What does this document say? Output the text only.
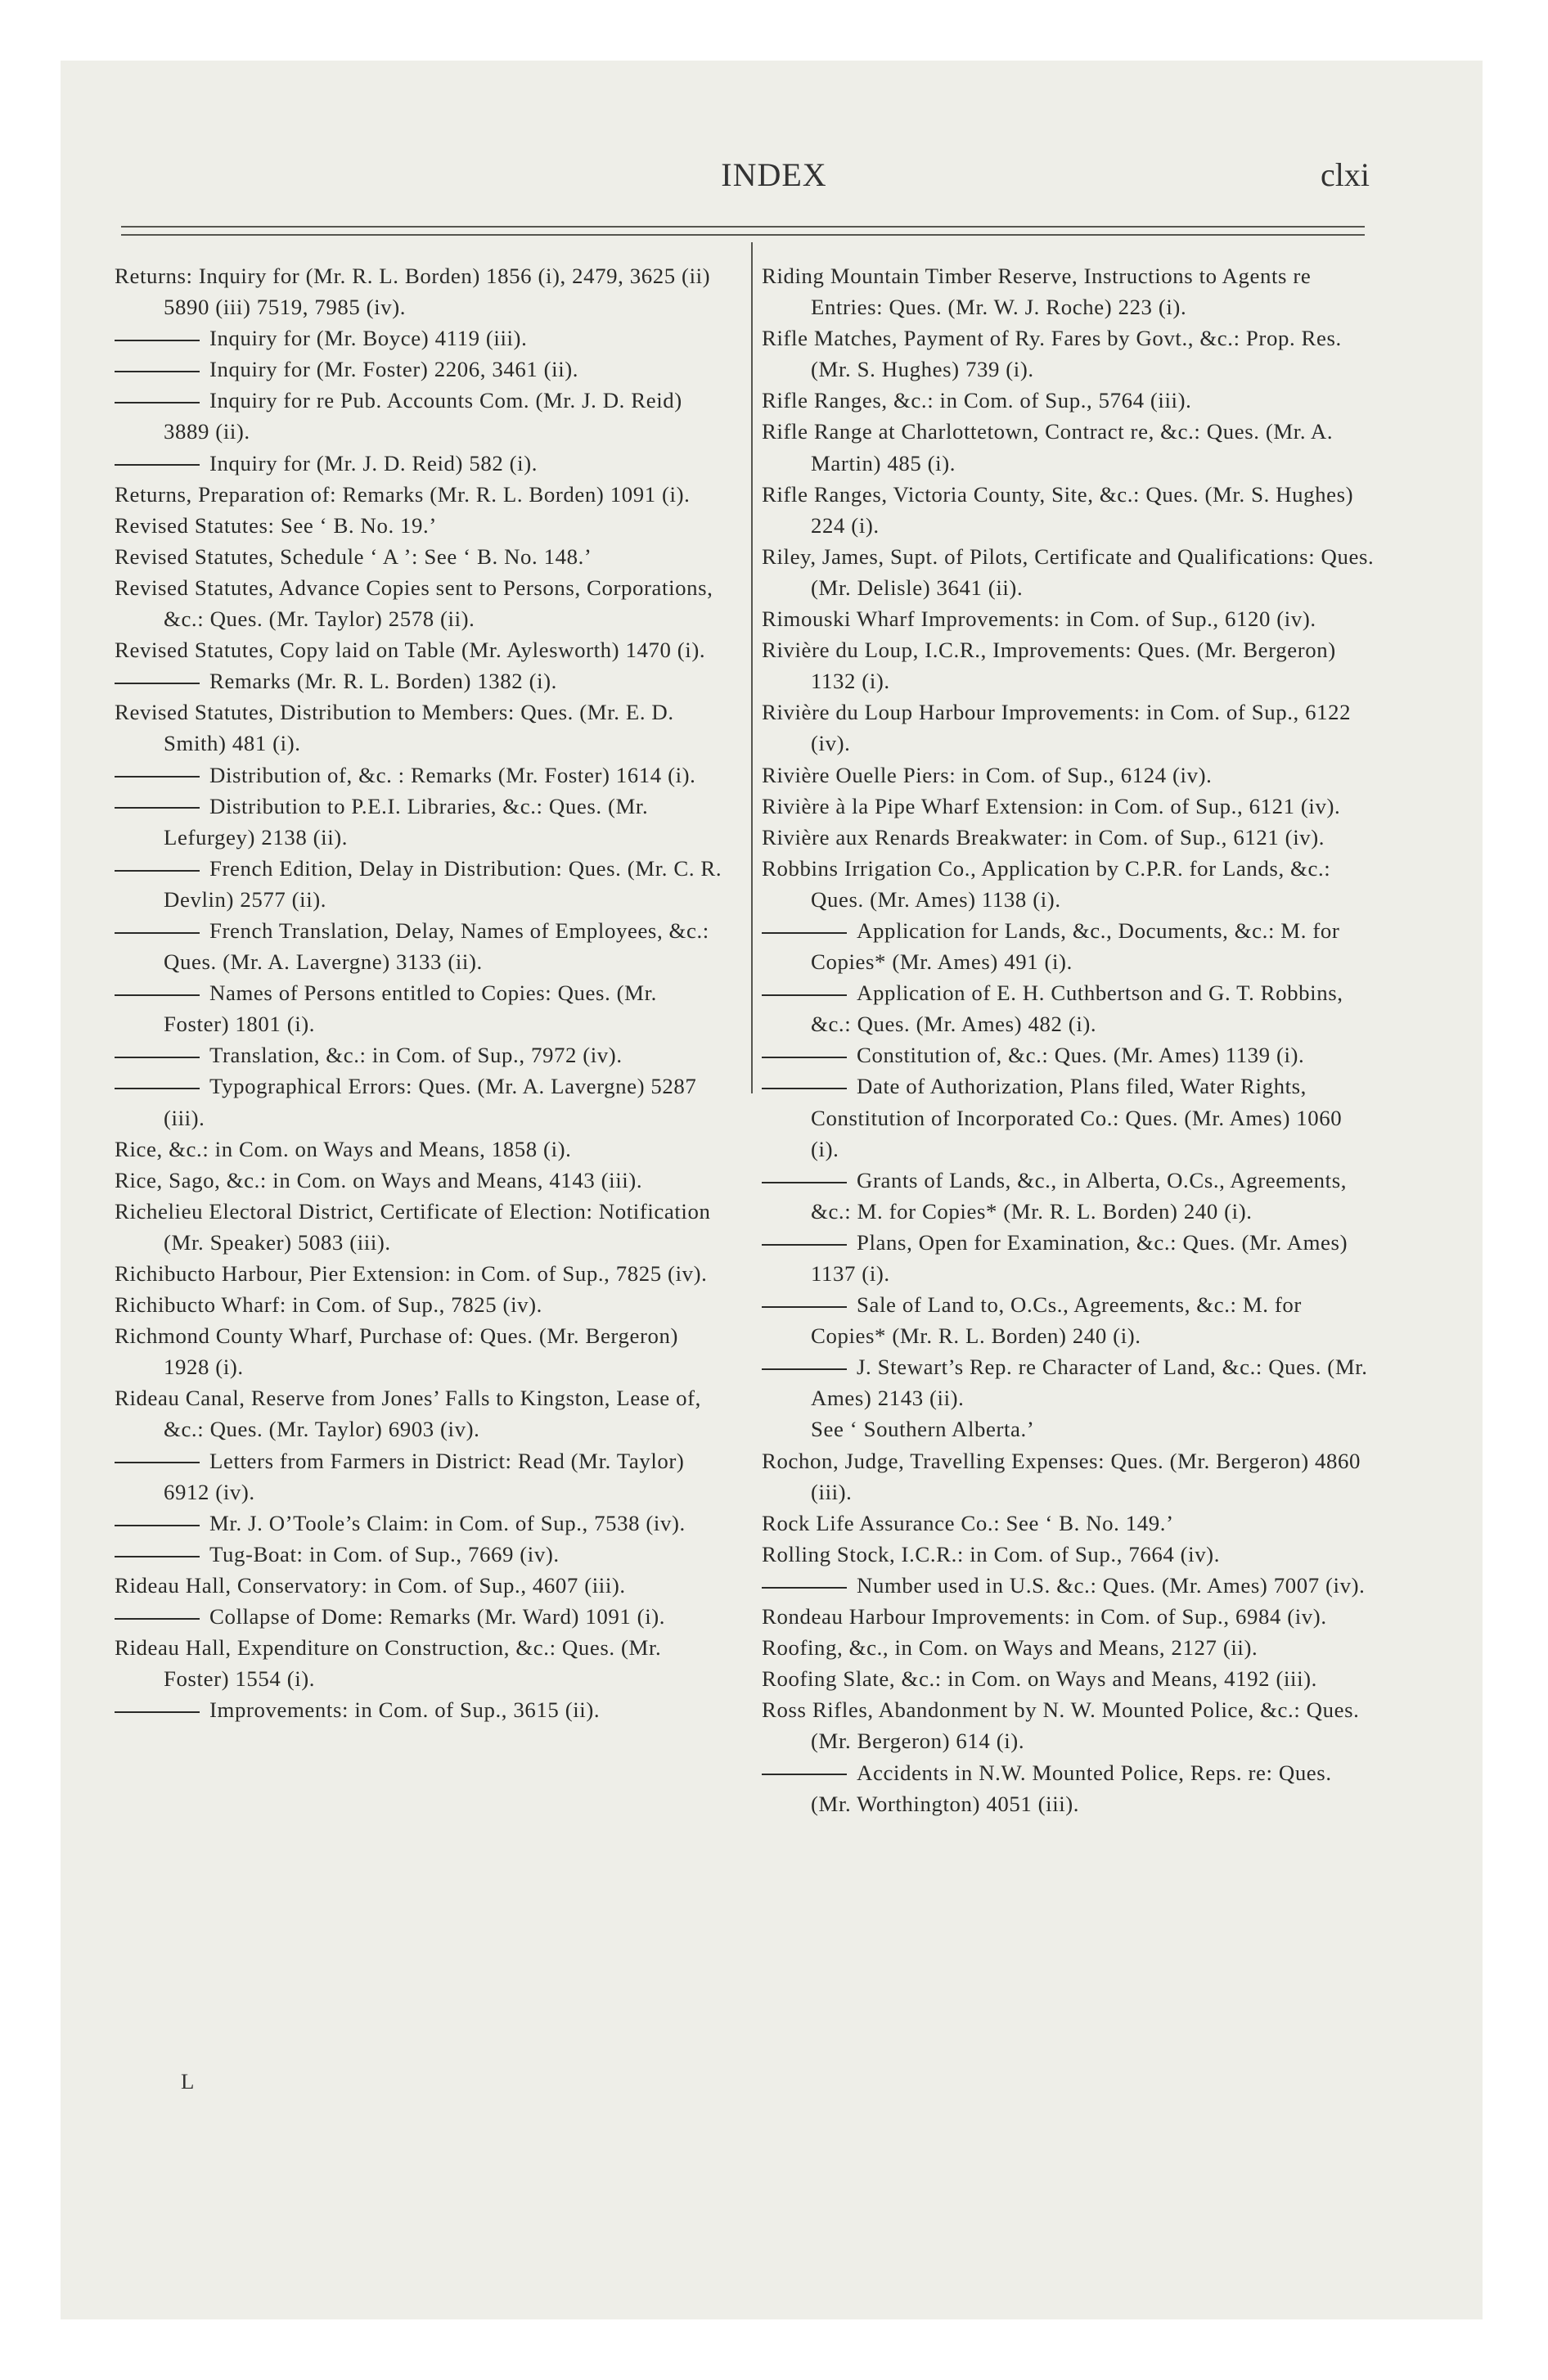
INDEX	clxi
Returns: Inquiry for (Mr. R. L. Borden) 1856 (i), 2479, 3625 (ii) 5890 (iii) 7519, 7985 (iv).
Inquiry for (Mr. Boyce) 4119 (iii).
Inquiry for (Mr. Foster) 2206, 3461 (ii).
Inquiry for re Pub. Accounts Com. (Mr. J. D. Reid) 3889 (ii).
Inquiry for (Mr. J. D. Reid) 582 (i).
Returns, Preparation of: Remarks (Mr. R. L. Borden) 1091 (i).
Revised Statutes: See ‘ B. No. 19.’
Revised Statutes, Schedule ‘ A ’: See ‘ B. No. 148.’
Revised Statutes, Advance Copies sent to Persons, Corporations, &c.: Ques. (Mr. Taylor) 2578 (ii).
Revised Statutes, Copy laid on Table (Mr. Aylesworth) 1470 (i).
Remarks (Mr. R. L. Borden) 1382 (i).
Revised Statutes, Distribution to Members: Ques. (Mr. E. D. Smith) 481 (i).
Distribution of, &c. : Remarks (Mr. Foster) 1614 (i).
Distribution to P.E.I. Libraries, &c.: Ques. (Mr. Lefurgey) 2138 (ii).
French Edition, Delay in Distribution: Ques. (Mr. C. R. Devlin) 2577 (ii).
French Translation, Delay, Names of Employees, &c.: Ques. (Mr. A. Lavergne) 3133 (ii).
Names of Persons entitled to Copies: Ques. (Mr. Foster) 1801 (i).
Translation, &c.: in Com. of Sup., 7972 (iv).
Typographical Errors: Ques. (Mr. A. Lavergne) 5287 (iii).
Rice, &c.: in Com. on Ways and Means, 1858 (i).
Rice, Sago, &c.: in Com. on Ways and Means, 4143 (iii).
Richelieu Electoral District, Certificate of Election: Notification (Mr. Speaker) 5083 (iii).
Richibucto Harbour, Pier Extension: in Com. of Sup., 7825 (iv).
Richibucto Wharf: in Com. of Sup., 7825 (iv).
Richmond County Wharf, Purchase of: Ques. (Mr. Bergeron) 1928 (i).
Rideau Canal, Reserve from Jones’ Falls to Kingston, Lease of, &c.: Ques. (Mr. Taylor) 6903 (iv).
Letters from Farmers in District: Read (Mr. Taylor) 6912 (iv).
Mr. J. O’Toole’s Claim: in Com. of Sup., 7538 (iv).
Tug-Boat: in Com. of Sup., 7669 (iv).
Rideau Hall, Conservatory: in Com. of Sup., 4607 (iii).
Collapse of Dome: Remarks (Mr. Ward) 1091 (i).
Rideau Hall, Expenditure on Construction, &c.: Ques. (Mr. Foster) 1554 (i).
Improvements: in Com. of Sup., 3615 (ii).
Riding Mountain Timber Reserve, Instructions to Agents re Entries: Ques. (Mr. W. J. Roche) 223 (i).
Rifle Matches, Payment of Ry. Fares by Govt., &c.: Prop. Res. (Mr. S. Hughes) 739 (i).
Rifle Ranges, &c.: in Com. of Sup., 5764 (iii).
Rifle Range at Charlottetown, Contract re, &c.: Ques. (Mr. A. Martin) 485 (i).
Rifle Ranges, Victoria County, Site, &c.: Ques. (Mr. S. Hughes) 224 (i).
Riley, James, Supt. of Pilots, Certificate and Qualifications: Ques. (Mr. Delisle) 3641 (ii).
Rimouski Wharf Improvements: in Com. of Sup., 6120 (iv).
Rivière du Loup, I.C.R., Improvements: Ques. (Mr. Bergeron) 1132 (i).
Rivière du Loup Harbour Improvements: in Com. of Sup., 6122 (iv).
Rivière Ouelle Piers: in Com. of Sup., 6124 (iv).
Rivière à la Pipe Wharf Extension: in Com. of Sup., 6121 (iv).
Rivière aux Renards Breakwater: in Com. of Sup., 6121 (iv).
Robbins Irrigation Co., Application by C.P.R. for Lands, &c.: Ques. (Mr. Ames) 1138 (i).
Application for Lands, &c., Documents, &c.: M. for Copies* (Mr. Ames) 491 (i).
Application of E. H. Cuthbertson and G. T. Robbins, &c.: Ques. (Mr. Ames) 482 (i).
Constitution of, &c.: Ques. (Mr. Ames) 1139 (i).
Date of Authorization, Plans filed, Water Rights, Constitution of Incorporated Co.: Ques. (Mr. Ames) 1060 (i).
Grants of Lands, &c., in Alberta, O.Cs., Agreements, &c.: M. for Copies* (Mr. R. L. Borden) 240 (i).
Plans, Open for Examination, &c.: Ques. (Mr. Ames) 1137 (i).
Sale of Land to, O.Cs., Agreements, &c.: M. for Copies* (Mr. R. L. Borden) 240 (i).
J. Stewart’s Rep. re Character of Land, &c.: Ques. (Mr. Ames) 2143 (ii).
See ‘ Southern Alberta.’
Rochon, Judge, Travelling Expenses: Ques. (Mr. Bergeron) 4860 (iii).
Rock Life Assurance Co.: See ‘ B. No. 149.’
Rolling Stock, I.C.R.: in Com. of Sup., 7664 (iv).
Number used in U.S. &c.: Ques. (Mr. Ames) 7007 (iv).
Rondeau Harbour Improvements: in Com. of Sup., 6984 (iv).
Roofing, &c., in Com. on Ways and Means, 2127 (ii).
Roofing Slate, &c.: in Com. on Ways and Means, 4192 (iii).
Ross Rifles, Abandonment by N. W. Mounted Police, &c.: Ques. (Mr. Bergeron) 614 (i).
Accidents in N.W. Mounted Police, Reps. re: Ques. (Mr. Worthington) 4051 (iii).
L
